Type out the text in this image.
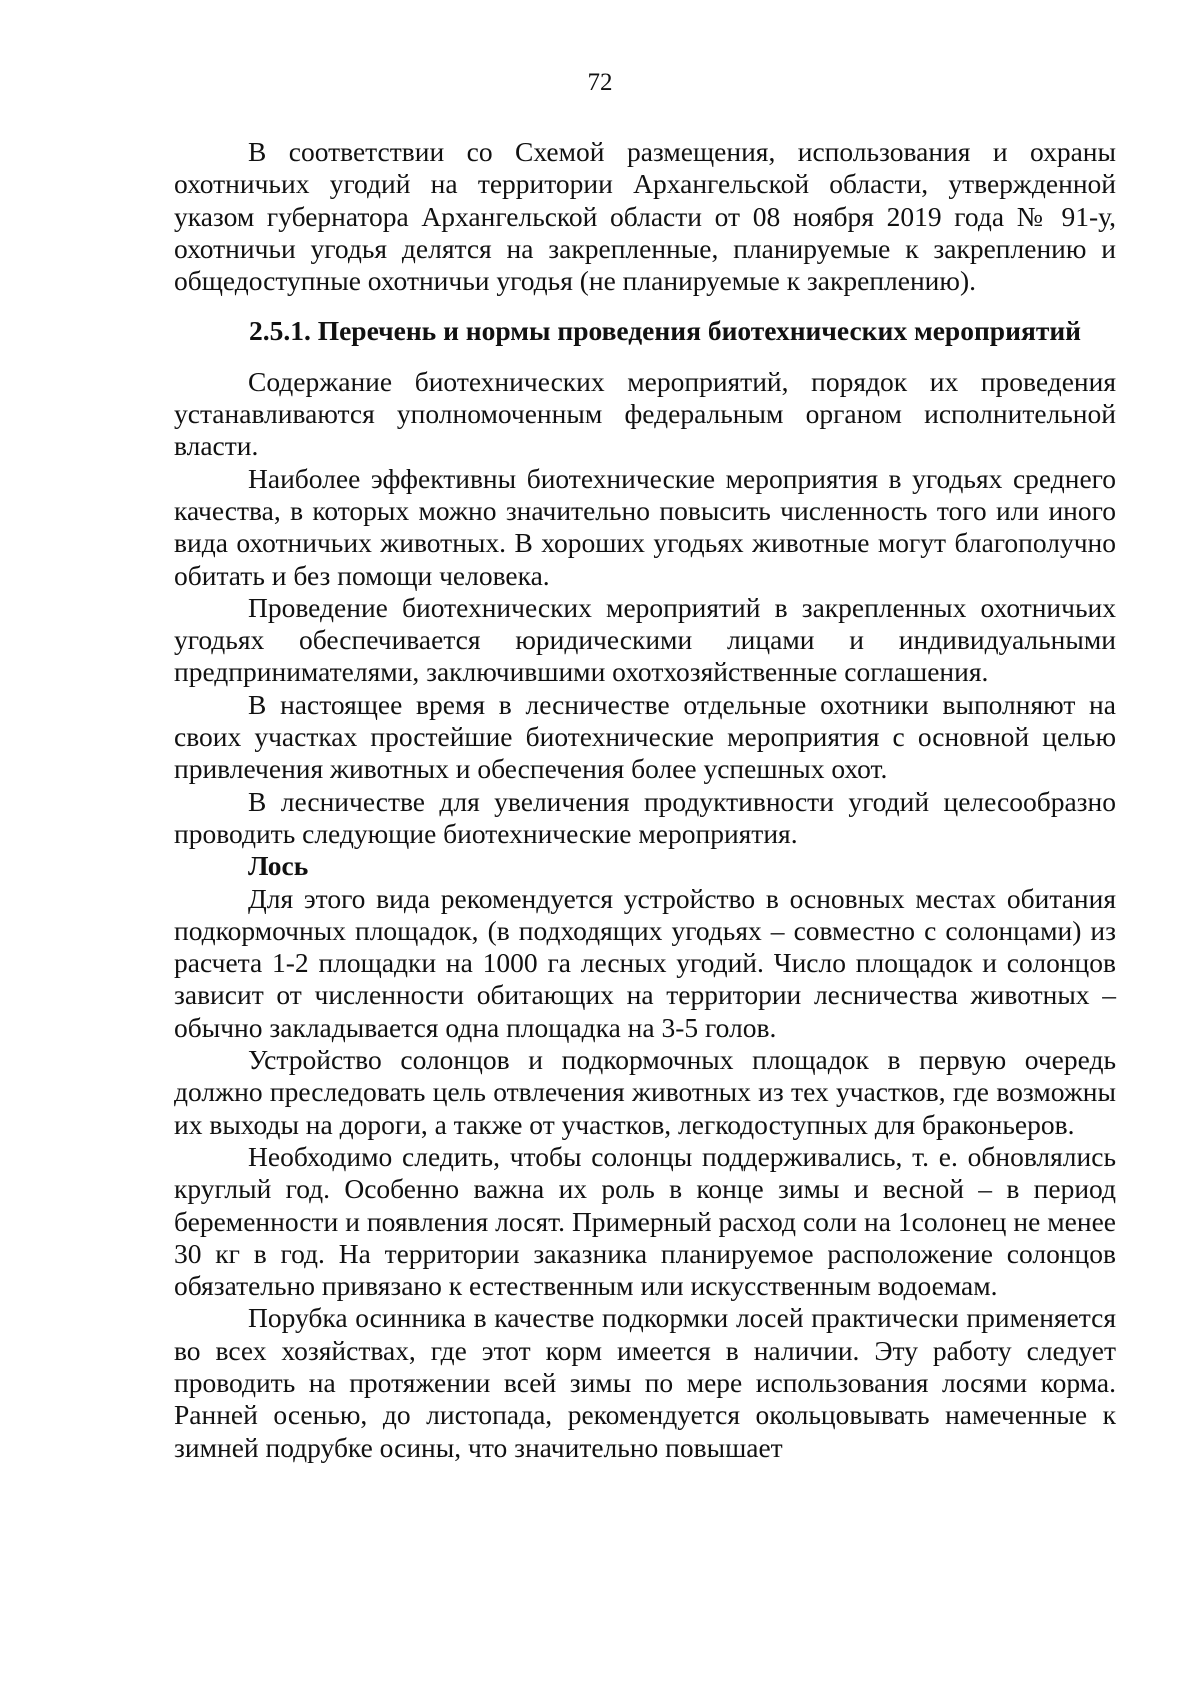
72

В соответствии со Схемой размещения, использования и охраны охотничьих угодий на территории Архангельской области, утвержденной указом губернатора Архангельской области от 08 ноября 2019 года № 91-у, охотничьи угодья делятся на закрепленные, планируемые к закреплению и общедоступные охотничьи угодья (не планируемые к закреплению).

2.5.1. Перечень и нормы проведения биотехнических мероприятий

Содержание биотехнических мероприятий, порядок их проведения устанавливаются уполномоченным федеральным органом исполнительной власти.

Наиболее эффективны биотехнические мероприятия в угодьях среднего качества, в которых можно значительно повысить численность того или иного вида охотничьих животных. В хороших угодьях животные могут благополучно обитать и без помощи человека.

Проведение биотехнических мероприятий в закрепленных охотничьих угодьях обеспечивается юридическими лицами и индивидуальными предпринимателями, заключившими охотхозяйственные соглашения.

В настоящее время в лесничестве отдельные охотники выполняют на своих участках простейшие биотехнические мероприятия с основной целью привлечения животных и обеспечения более успешных охот.

В лесничестве для увеличения продуктивности угодий целесообразно проводить следующие биотехнические мероприятия.

Лось

Для этого вида рекомендуется устройство в основных местах обитания подкормочных площадок, (в подходящих угодьях – совместно с солонцами) из расчета 1-2 площадки на 1000 га лесных угодий. Число площадок и солонцов зависит от численности обитающих на территории лесничества животных – обычно закладывается одна площадка на 3-5 голов.

Устройство солонцов и подкормочных площадок в первую очередь должно преследовать цель отвлечения животных из тех участков, где возможны их выходы на дороги, а также от участков, легкодоступных для браконьеров.

Необходимо следить, чтобы солонцы поддерживались, т. е. обновлялись круглый год. Особенно важна их роль в конце зимы и весной – в период беременности и появления лосят. Примерный расход соли на 1солонец не менее 30 кг в год. На территории заказника планируемое расположение солонцов обязательно привязано к естественным или искусственным водоемам.

Порубка осинника в качестве подкормки лосей практически применяется во всех хозяйствах, где этот корм имеется в наличии. Эту работу следует проводить на протяжении всей зимы по мере использования лосями корма. Ранней осенью, до листопада, рекомендуется окольцовывать намеченные к зимней подрубке осины, что значительно повышает
